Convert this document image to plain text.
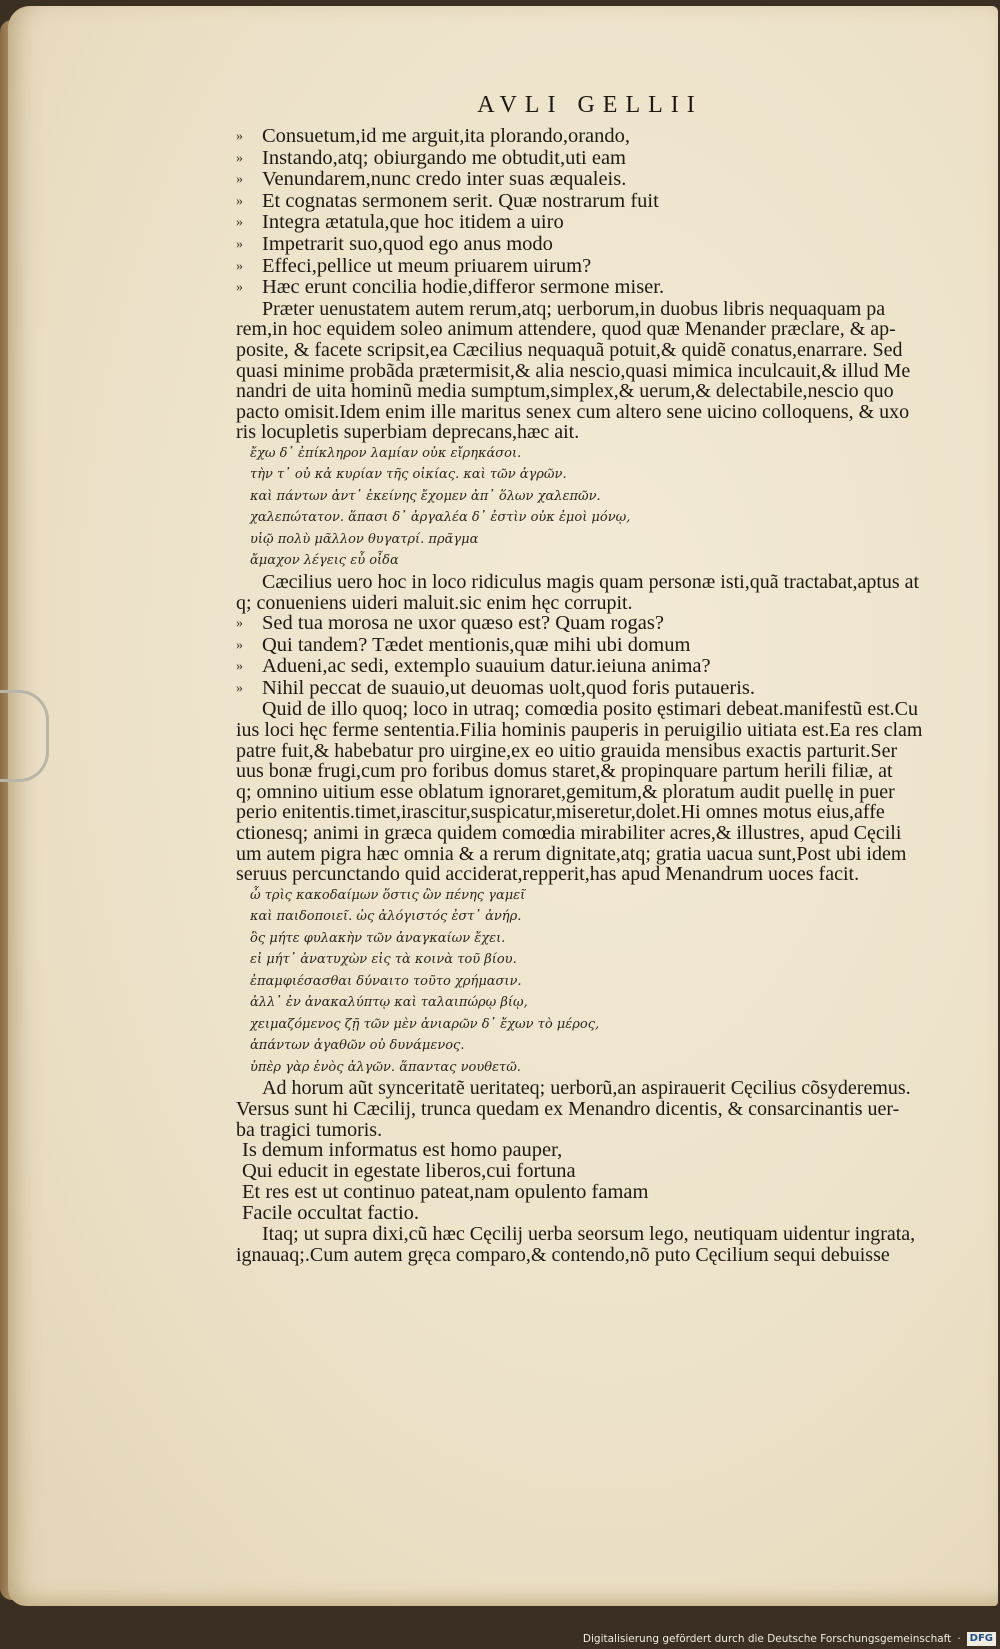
AVLI GELLII
» Consuetum,id me arguit,ita plorando,orando,
» Instando,atq; obiurgando me obtudit,uti eam
» Venundarem,nunc credo inter suas æqualeis.
» Et cognatas sermonem serit. Quæ nostrarum fuit
» Integra ætatula,que hoc itidem a uiro
» Impetrarit suo,quod ego anus modo
» Effeci,pellice ut meum priuarem uirum?
» Hæc erunt concilia hodie,differor sermone miser.
Præter uenustatem autem rerum,atq; uerborum,in duobus libris nequaquam pa
rem,in hoc equidem soleo animum attendere, quod quæ Menander præclare, & ap-
posite, & facete scripsit,ea Cæcilius nequaquã potuit,& quidẽ conatus,enarrare. Sed
quasi minime probãda prætermisit,& alia nescio,quasi mimica inculcauit,& illud Me
nandri de uita hominũ media sumptum,simplex,& uerum,& delectabile,nescio quo
pacto omisit.Idem enim ille maritus senex cum altero sene uicino colloquens, & uxo
ris locupletis superbiam deprecans,hæc ait.
ἔχω δ᾽ ἐπίκληρον λαμίαν οὐκ εἴρηκάσοι.
τὴν τ᾽ οὐ κἀ κυρίαν τῆς οἰκίας. καὶ τῶν ἀγρῶν.
καὶ πάντων ἀντ᾽ ἐκείνης ἔχομεν ἀπ᾽ ὅλων χαλεπῶν.
χαλεπώτατον. ἅπασι δ᾽ ἀργαλέα δ᾽ ἐστὶν οὐκ ἐμοὶ μόνῳ,
υἱῷ πολὺ μᾶλλον θυγατρί. πρᾶγμα
ἄμαχον λέγεις εὖ οἶδα
Cæcilius uero hoc in loco ridiculus magis quam personæ isti,quã tractabat,aptus at
q; conueniens uideri maluit.sic enim hęc corrupit.
» Sed tua morosa ne uxor quæso est? Quam rogas?
» Qui tandem? Tædet mentionis,quæ mihi ubi domum
» Adueni,ac sedi, extemplo suauium datur.ieiuna anima?
» Nihil peccat de suauio,ut deuomas uolt,quod foris putaueris.
Quid de illo quoq; loco in utraq; comœdia posito ęstimari debeat.manifestũ est.Cu
ius loci hęc ferme sententia.Filia hominis pauperis in peruigilio uitiata est.Ea res clam
patre fuit,& habebatur pro uirgine,ex eo uitio grauida mensibus exactis parturit.Ser
uus bonæ frugi,cum pro foribus domus staret,& propinquare partum herili filiæ, at
q; omnino uitium esse oblatum ignoraret,gemitum,& ploratum audit puellę in puer
perio enitentis.timet,irascitur,suspicatur,miseretur,dolet.Hi omnes motus eius,affe
ctionesq; animi in græca quidem comœdia mirabiliter acres,& illustres, apud Cęcili
um autem pigra hæc omnia & a rerum dignitate,atq; gratia uacua sunt,Post ubi idem
seruus percunctando quid acciderat,repperit,has apud Menandrum uoces facit.
ὦ τρὶς κακοδαίμων ὅστις ὢν πένης γαμεῖ
καὶ παιδοποιεῖ. ὡς ἀλόγιστός ἐστ᾽ ἀνήρ.
ὃς μήτε φυλακὴν τῶν ἀναγκαίων ἔχει.
εἰ μήτ᾽ ἀνατυχὼν εἰς τὰ κοινὰ τοῦ βίου.
ἐπαμφιέσασθαι δύναιτο τοῦτο χρήμασιν.
ἀλλ᾽ ἐν ἀνακαλύπτῳ καὶ ταλαιπώρῳ βίῳ,
χειμαζόμενος ζῇ τῶν μὲν ἀνιαρῶν δ᾽ ἔχων τὸ μέρος,
ἁπάντων ἀγαθῶν οὐ δυνάμενος.
ὑπὲρ γὰρ ἑνὸς ἀλγῶν. ἅπαντας νουθετῶ.
Ad horum aũt synceritatẽ ueritateq; uerborũ,an aspirauerit Cęcilius cõsyderemus.
Versus sunt hi Cæcilij, trunca quedam ex Menandro dicentis, & consarcinantis uer-
ba tragici tumoris.
Is demum informatus est homo pauper,
Qui educit in egestate liberos,cui fortuna
Et res est ut continuo pateat,nam opulento famam
Facile occultat factio.
Itaq; ut supra dixi,cũ hæc Cęcilij uerba seorsum lego, neutiquam uidentur ingrata,
ignauaq;.Cum autem gręca comparo,& contendo,nõ puto Cęcilium sequi debuisse
Digitalisierung gefördert durch die Deutsche Forschungsgemeinschaft · DFG
